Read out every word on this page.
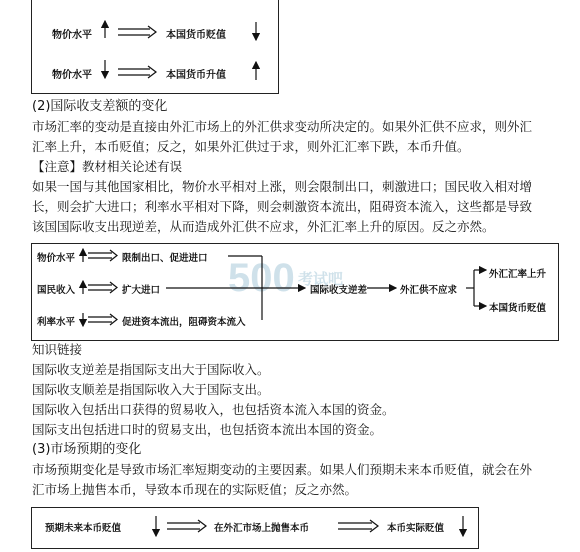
物价水平	本国货币贬值
物价水平	本国货币升值
(2)国际收支差额的变化
市场汇率的变动是直接由外汇市场上的外汇供求变动所决定的。如果外汇供不应求，则外汇
汇率上升，本币贬值；反之，如果外汇供过于求，则外汇汇率下跌，本币升值。
【注意】教材相关论述有误
如果一国与其他国家相比，物价水平相对上涨，则会限制出口，刺激进口；国民收入相对增
长，则会扩大进口；利率水平相对下降，则会刺激资本流出，阻碍资本流入，这些都是导致
该国国际收支出现逆差，从而造成外汇供不应求，外汇汇率上升的原因。反之亦然。
500 考试吧
物价水平	限制出口、促进进口
国民收入	扩大进口
利率水平	促进资本流出，阻碍资本流入
国际收支逆差	外汇供不应求
外汇汇率上升
本国货币贬值
知识链接
国际收支逆差是指国际支出大于国际收入。
国际收支顺差是指国际收入大于国际支出。
国际收入包括出口获得的贸易收入，也包括资本流入本国的资金。
国际支出包括进口时的贸易支出，也包括资本流出本国的资金。
(3)市场预期的变化
市场预期变化是导致市场汇率短期变动的主要因素。如果人们预期未来本币贬值，就会在外
汇市场上抛售本币，导致本币现在的实际贬值；反之亦然。
预期未来本币贬值	在外汇市场上抛售本币	本币实际贬值
